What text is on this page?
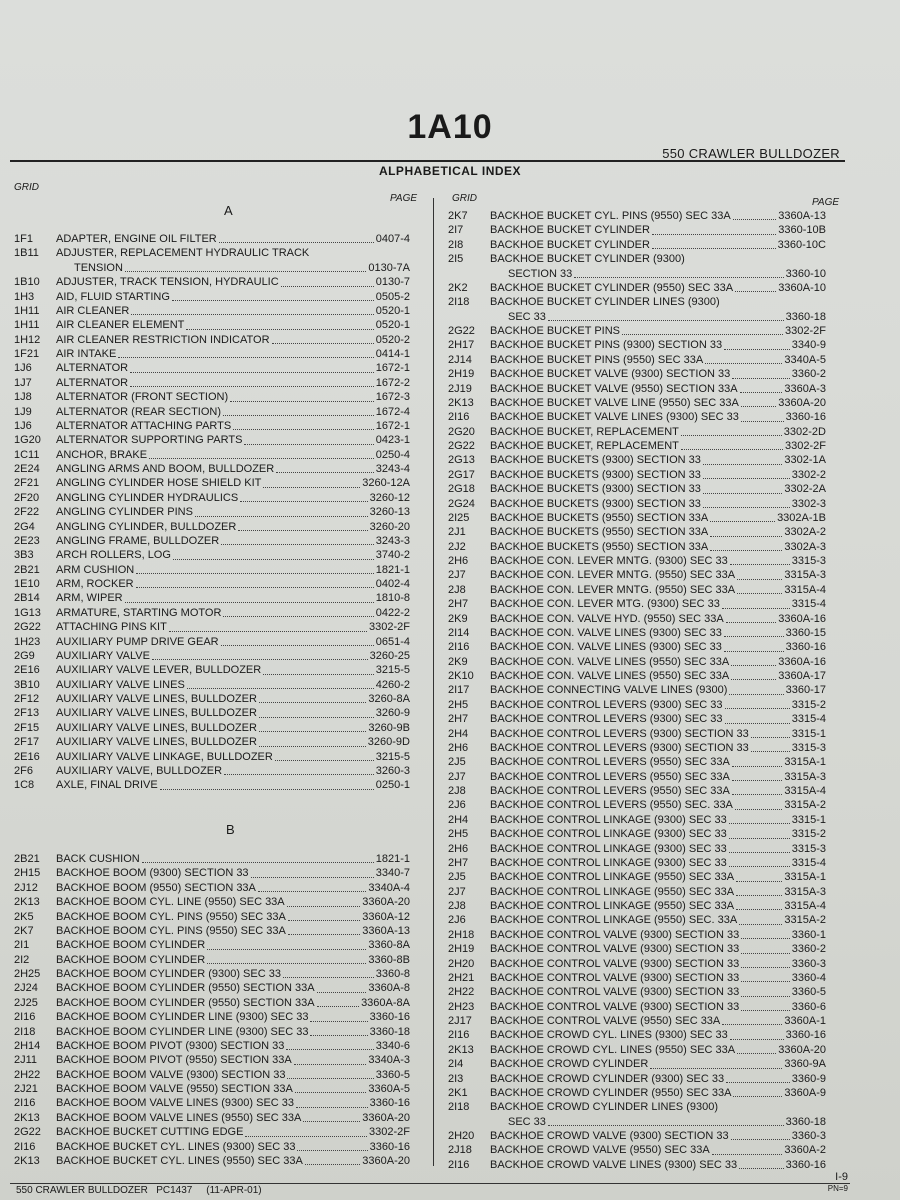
1A10
550 CRAWLER BULLDOZER
ALPHABETICAL INDEX
GRID
PAGE	GRID	PAGE
A
B
1F1	ADAPTER, ENGINE OIL FILTER	0407-4
1B11	ADJUSTER, REPLACEMENT HYDRAULIC TRACK
TENSION	0130-7A
1B10	ADJUSTER, TRACK TENSION, HYDRAULIC	0130-7
1H3	AID, FLUID STARTING	0505-2
1H11	AIR CLEANER	0520-1
1H11	AIR CLEANER ELEMENT	0520-1
1H12	AIR CLEANER RESTRICTION INDICATOR	0520-2
1F21	AIR INTAKE	0414-1
1J6	ALTERNATOR	1672-1
1J7	ALTERNATOR	1672-2
1J8	ALTERNATOR (FRONT SECTION)	1672-3
1J9	ALTERNATOR (REAR SECTION)	1672-4
1J6	ALTERNATOR ATTACHING PARTS	1672-1
1G20	ALTERNATOR SUPPORTING PARTS	0423-1
1C11	ANCHOR, BRAKE	0250-4
2E24	ANGLING ARMS AND BOOM, BULLDOZER	3243-4
2F21	ANGLING CYLINDER HOSE SHIELD KIT	3260-12A
2F20	ANGLING CYLINDER HYDRAULICS	3260-12
2F22	ANGLING CYLINDER PINS	3260-13
2G4	ANGLING CYLINDER, BULLDOZER	3260-20
2E23	ANGLING FRAME, BULLDOZER	3243-3
3B3	ARCH ROLLERS, LOG	3740-2
2B21	ARM CUSHION	1821-1
1E10	ARM, ROCKER	0402-4
2B14	ARM, WIPER	1810-8
1G13	ARMATURE, STARTING MOTOR	0422-2
2G22	ATTACHING PINS KIT	3302-2F
1H23	AUXILIARY PUMP DRIVE GEAR	0651-4
2G9	AUXILIARY VALVE	3260-25
2E16	AUXILIARY VALVE LEVER, BULLDOZER	3215-5
3B10	AUXILIARY VALVE LINES	4260-2
2F12	AUXILIARY VALVE LINES, BULLDOZER	3260-8A
2F13	AUXILIARY VALVE LINES, BULLDOZER	3260-9
2F15	AUXILIARY VALVE LINES, BULLDOZER	3260-9B
2F17	AUXILIARY VALVE LINES, BULLDOZER	3260-9D
2E16	AUXILIARY VALVE LINKAGE, BULLDOZER	3215-5
2F6	AUXILIARY VALVE, BULLDOZER	3260-3
1C8	AXLE, FINAL DRIVE	0250-1
2B21	BACK CUSHION	1821-1
2H15	BACKHOE BOOM (9300) SECTION 33	3340-7
2J12	BACKHOE BOOM (9550) SECTION 33A	3340A-4
2K13	BACKHOE BOOM CYL. LINE (9550) SEC 33A	3360A-20
2K5	BACKHOE BOOM CYL. PINS (9550) SEC 33A	3360A-12
2K7	BACKHOE BOOM CYL. PINS (9550) SEC 33A	3360A-13
2I1	BACKHOE BOOM CYLINDER	3360-8A
2I2	BACKHOE BOOM CYLINDER	3360-8B
2H25	BACKHOE BOOM CYLINDER (9300) SEC 33	3360-8
2J24	BACKHOE BOOM CYLINDER (9550) SECTION 33A	3360A-8
2J25	BACKHOE BOOM CYLINDER (9550) SECTION 33A	3360A-8A
2I16	BACKHOE BOOM CYLINDER LINE (9300) SEC 33	3360-16
2I18	BACKHOE BOOM CYLINDER LINE (9300) SEC 33	3360-18
2H14	BACKHOE BOOM PIVOT (9300) SECTION 33	3340-6
2J11	BACKHOE BOOM PIVOT (9550) SECTION 33A	3340A-3
2H22	BACKHOE BOOM VALVE (9300) SECTION 33	3360-5
2J21	BACKHOE BOOM VALVE (9550) SECTION 33A	3360A-5
2I16	BACKHOE BOOM VALVE LINES (9300) SEC 33	3360-16
2K13	BACKHOE BOOM VALVE LINES (9550) SEC 33A	3360A-20
2G22	BACKHOE BUCKET CUTTING EDGE	3302-2F
2I16	BACKHOE BUCKET CYL. LINES (9300) SEC 33	3360-16
2K13	BACKHOE BUCKET CYL. LINES (9550) SEC 33A	3360A-20
2K7	BACKHOE BUCKET CYL. PINS (9550) SEC 33A	3360A-13
2I7	BACKHOE BUCKET CYLINDER	3360-10B
2I8	BACKHOE BUCKET CYLINDER	3360-10C
2I5	BACKHOE BUCKET CYLINDER (9300)
SECTION 33	3360-10
2K2	BACKHOE BUCKET CYLINDER (9550) SEC 33A	3360A-10
2I18	BACKHOE BUCKET CYLINDER LINES (9300)
SEC 33	3360-18
2G22	BACKHOE BUCKET PINS	3302-2F
2H17	BACKHOE BUCKET PINS (9300) SECTION 33	3340-9
2J14	BACKHOE BUCKET PINS (9550) SEC 33A	3340A-5
2H19	BACKHOE BUCKET VALVE (9300) SECTION 33	3360-2
2J19	BACKHOE BUCKET VALVE (9550) SECTION 33A	3360A-3
2K13	BACKHOE BUCKET VALVE LINE (9550) SEC 33A	3360A-20
2I16	BACKHOE BUCKET VALVE LINES (9300) SEC 33	3360-16
2G20	BACKHOE BUCKET, REPLACEMENT	3302-2D
2G22	BACKHOE BUCKET, REPLACEMENT	3302-2F
2G13	BACKHOE BUCKETS (9300) SECTION 33	3302-1A
2G17	BACKHOE BUCKETS (9300) SECTION 33	3302-2
2G18	BACKHOE BUCKETS (9300) SECTION 33	3302-2A
2G24	BACKHOE BUCKETS (9300) SECTION 33	3302-3
2I25	BACKHOE BUCKETS (9550) SECTION 33A	3302A-1B
2J1	BACKHOE BUCKETS (9550) SECTION 33A	3302A-2
2J2	BACKHOE BUCKETS (9550) SECTION 33A	3302A-3
2H6	BACKHOE CON. LEVER MNTG. (9300) SEC 33	3315-3
2J7	BACKHOE CON. LEVER MNTG. (9550) SEC 33A	3315A-3
2J8	BACKHOE CON. LEVER MNTG. (9550) SEC 33A	3315A-4
2H7	BACKHOE CON. LEVER MTG. (9300) SEC 33	3315-4
2K9	BACKHOE CON. VALVE HYD. (9550) SEC 33A	3360A-16
2I14	BACKHOE CON. VALVE LINES (9300) SEC 33	3360-15
2I16	BACKHOE CON. VALVE LINES (9300) SEC 33	3360-16
2K9	BACKHOE CON. VALVE LINES (9550) SEC 33A	3360A-16
2K10	BACKHOE CON. VALVE LINES (9550) SEC 33A	3360A-17
2I17	BACKHOE CONNECTING VALVE LINES (9300)	3360-17
2H5	BACKHOE CONTROL LEVERS (9300) SEC 33	3315-2
2H7	BACKHOE CONTROL LEVERS (9300) SEC 33	3315-4
2H4	BACKHOE CONTROL LEVERS (9300) SECTION 33	3315-1
2H6	BACKHOE CONTROL LEVERS (9300) SECTION 33	3315-3
2J5	BACKHOE CONTROL LEVERS (9550) SEC 33A	3315A-1
2J7	BACKHOE CONTROL LEVERS (9550) SEC 33A	3315A-3
2J8	BACKHOE CONTROL LEVERS (9550) SEC 33A	3315A-4
2J6	BACKHOE CONTROL LEVERS (9550) SEC. 33A	3315A-2
2H4	BACKHOE CONTROL LINKAGE (9300) SEC 33	3315-1
2H5	BACKHOE CONTROL LINKAGE (9300) SEC 33	3315-2
2H6	BACKHOE CONTROL LINKAGE (9300) SEC 33	3315-3
2H7	BACKHOE CONTROL LINKAGE (9300) SEC 33	3315-4
2J5	BACKHOE CONTROL LINKAGE (9550) SEC 33A	3315A-1
2J7	BACKHOE CONTROL LINKAGE (9550) SEC 33A	3315A-3
2J8	BACKHOE CONTROL LINKAGE (9550) SEC 33A	3315A-4
2J6	BACKHOE CONTROL LINKAGE (9550) SEC. 33A	3315A-2
2H18	BACKHOE CONTROL VALVE (9300) SECTION 33	3360-1
2H19	BACKHOE CONTROL VALVE (9300) SECTION 33	3360-2
2H20	BACKHOE CONTROL VALVE (9300) SECTION 33	3360-3
2H21	BACKHOE CONTROL VALVE (9300) SECTION 33	3360-4
2H22	BACKHOE CONTROL VALVE (9300) SECTION 33	3360-5
2H23	BACKHOE CONTROL VALVE (9300) SECTION 33	3360-6
2J17	BACKHOE CONTROL VALVE (9550) SEC 33A	3360A-1
2I16	BACKHOE CROWD CYL. LINES (9300) SEC 33	3360-16
2K13	BACKHOE CROWD CYL. LINES (9550) SEC 33A	3360A-20
2I4	BACKHOE CROWD CYLINDER	3360-9A
2I3	BACKHOE CROWD CYLINDER (9300) SEC 33	3360-9
2K1	BACKHOE CROWD CYLINDER (9550) SEC 33A	3360A-9
2I18	BACKHOE CROWD CYLINDER LINES (9300)
SEC 33	3360-18
2H20	BACKHOE CROWD VALVE (9300) SECTION 33	3360-3
2J18	BACKHOE CROWD VALVE (9550) SEC 33A	3360A-2
2I16	BACKHOE CROWD VALVE LINES (9300) SEC 33	3360-16
550 CRAWLER BULLDOZER   PC1437     (11-APR-01)
I-9
PN=9
